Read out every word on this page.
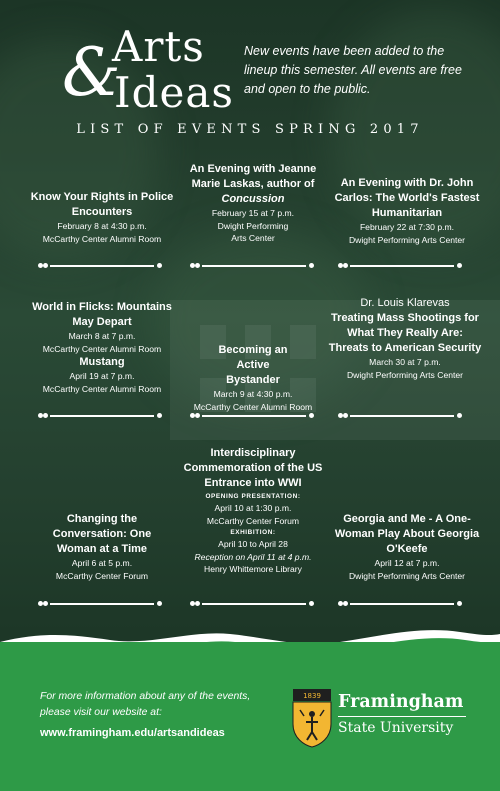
Arts
&
Ideas
New events have been added to the lineup this semester. All events are free and open to the public.
LIST OF EVENTS SPRING 2017
Know Your Rights in Police Encounters
February 8 at 4:30 p.m.
McCarthy Center Alumni Room
An Evening with Jeanne Marie Laskas, author of Concussion
February 15 at 7 p.m.
Dwight Performing
Arts Center
An Evening with Dr. John Carlos: The World's Fastest Humanitarian
February 22 at 7:30 p.m.
Dwight Performing Arts Center
World in Flicks: Mountains May Depart
March 8 at 7 p.m.
McCarthy Center Alumni Room
Mustang
April 19 at 7 p.m.
McCarthy Center Alumni Room
Becoming an Active Bystander
March 9 at 4:30 p.m.
McCarthy Center Alumni Room
Dr. Louis Klarevas
Treating Mass Shootings for What They Really Are: Threats to American Security
March 30 at 7 p.m.
Dwight Performing Arts Center
Changing the Conversation: One Woman at a Time
April 6 at 5 p.m.
McCarthy Center Forum
Interdisciplinary Commemoration of the US Entrance into WWI
OPENING PRESENTATION:
April 10 at 1:30 p.m.
McCarthy Center Forum
EXHIBITION:
April 10 to April 28
Reception on April 11 at 4 p.m.
Henry Whittemore Library
Georgia and Me - A One-Woman Play About Georgia O'Keefe
April 12 at 7 p.m.
Dwight Performing Arts Center
For more information about any of the events, please visit our website at:
www.framingham.edu/artsandideas
1839 Framingham
State University
